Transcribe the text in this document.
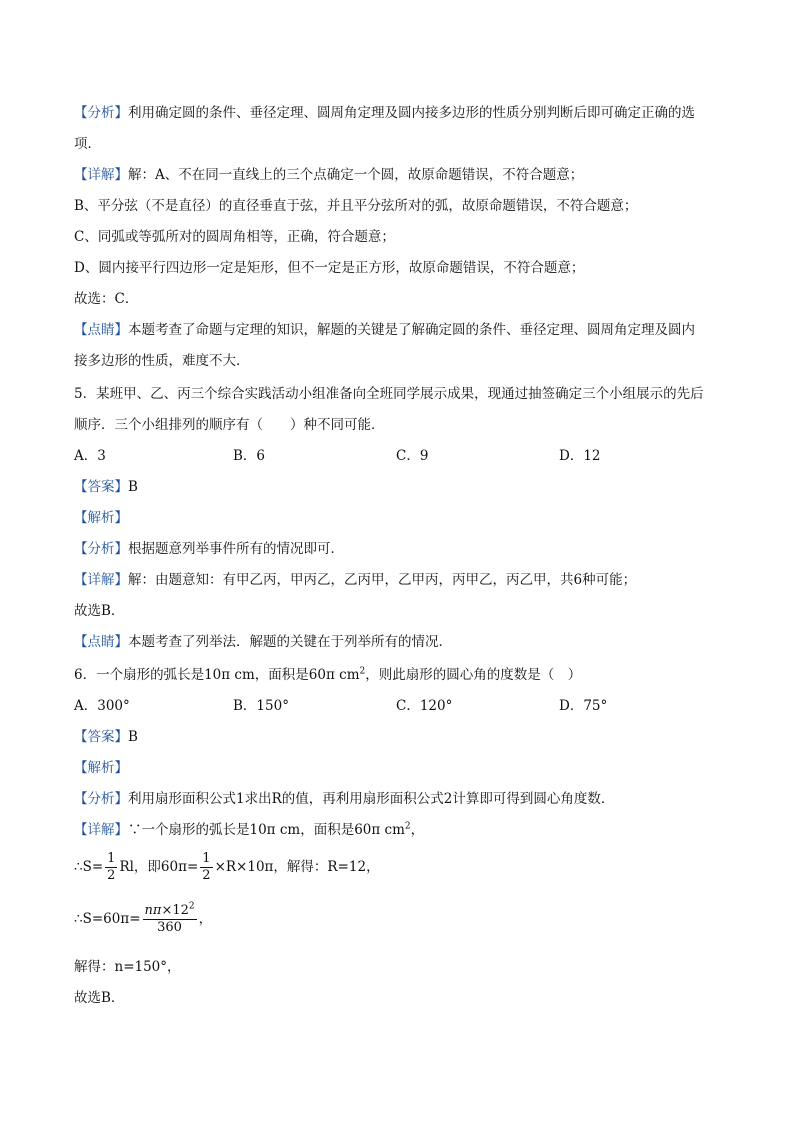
【分析】利用确定圆的条件、垂径定理、圆周角定理及圆内接多边形的性质分别判断后即可确定正确的选
项．
【详解】解：A、不在同一直线上的三个点确定一个圆，故原命题错误，不符合题意；
B、平分弦（不是直径）的直径垂直于弦，并且平分弦所对的弧，故原命题错误，不符合题意；
C、同弧或等弧所对的圆周角相等，正确，符合题意；
D、圆内接平行四边形一定是矩形，但不一定是正方形，故原命题错误，不符合题意；
故选：C．
【点睛】本题考查了命题与定理的知识，解题的关键是了解确定圆的条件、垂径定理、圆周角定理及圆内
接多边形的性质，难度不大．
5．某班甲、乙、丙三个综合实践活动小组准备向全班同学展示成果，现通过抽签确定三个小组展示的先后
顺序．三个小组排列的顺序有（　　）种不同可能．
A．3	B．6	C．9	D．12
【答案】B
【解析】
【分析】根据题意列举事件所有的情况即可．
【详解】解：由题意知：有甲乙丙，甲丙乙，乙丙甲，乙甲丙，丙甲乙，丙乙甲，共6种可能；
故选B．
【点睛】本题考查了列举法．解题的关键在于列举所有的情况．
6．一个扇形的弧长是10π cm，面积是60π $cm^2$，则此扇形的圆心角的度数是（　）
A．300°	B．150°	C．120°	D．75°
【答案】B
【解析】
【分析】利用扇形面积公式1求出R的值，再利用扇形面积公式2计算即可得到圆心角度数．
【详解】∵一个扇形的弧长是10π cm，面积是60π $cm^2$，
∴S= $\frac{1}{2}$ Rl，即$60\pi= \frac{1}{2} \times R\times 10\pi$，解得：R=12，
∴S=60π= $\frac{n\pi\times 12^2}{360}$ ，
解得：n=150°，
故选B．
